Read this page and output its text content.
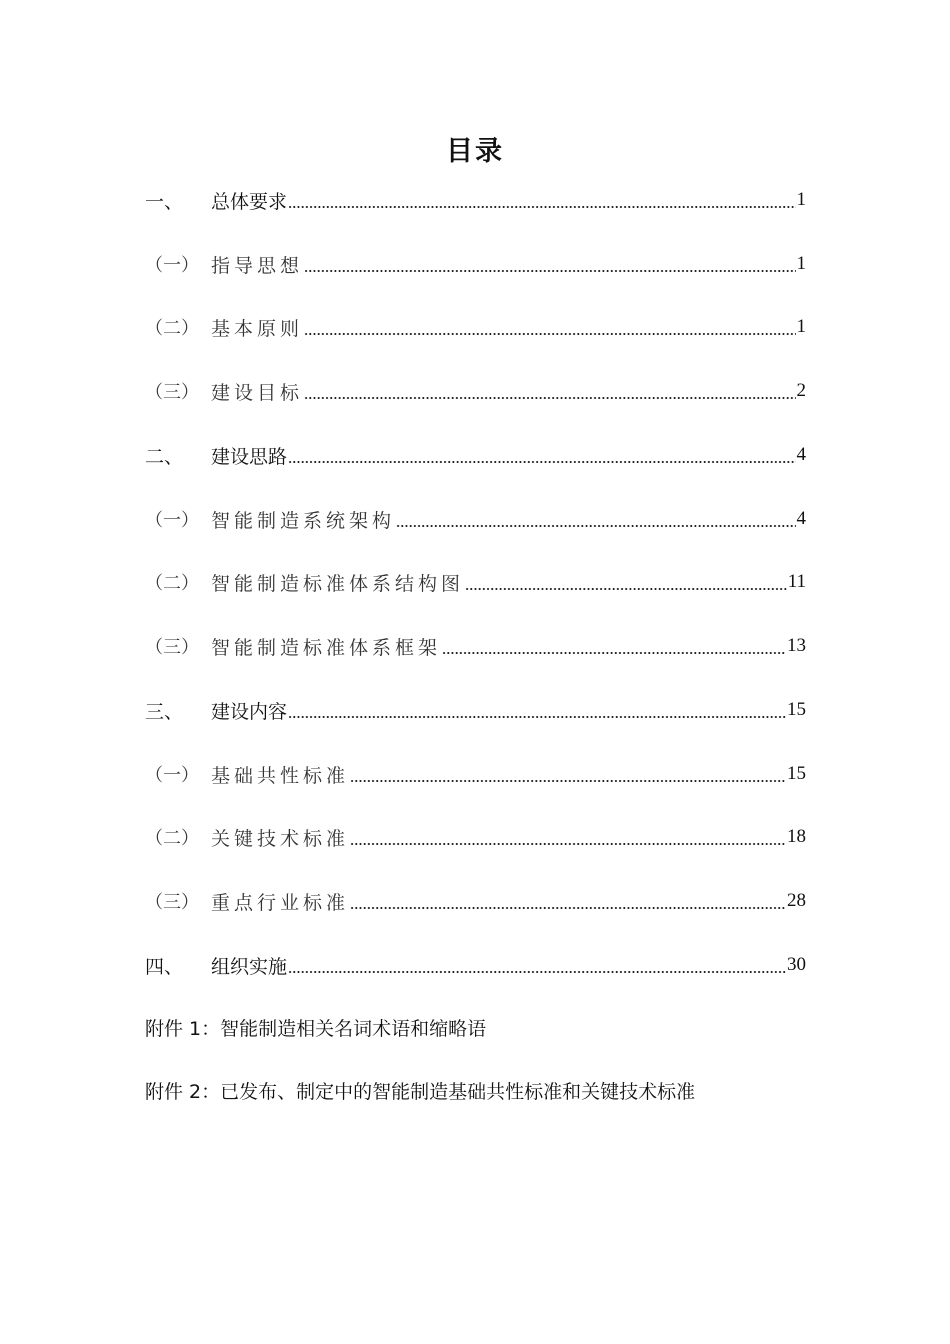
目录
一、	总体要求	1
（一） 指导思想	1
（二） 基本原则	1
（三） 建设目标	2
二、	建设思路	4
（一） 智能制造系统架构	4
（二） 智能制造标准体系结构图	11
（三） 智能制造标准体系框架	13
三、	建设内容	15
（一） 基础共性标准	15
（二） 关键技术标准	18
（三） 重点行业标准	28
四、	组织实施	30
附件 1：智能制造相关名词术语和缩略语
附件 2：已发布、制定中的智能制造基础共性标准和关键技术标准
